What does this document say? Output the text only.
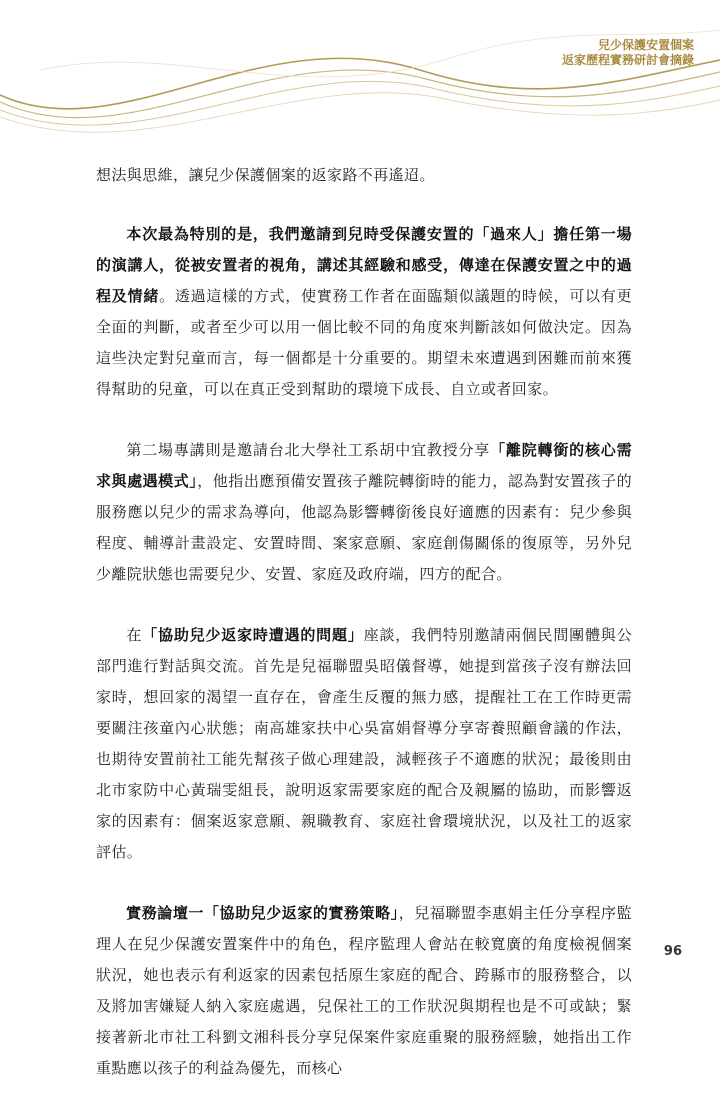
兒少保護安置個案
返家歷程實務研討會摘錄

想法與思維，讓兒少保護個案的返家路不再遙迢。

本次最為特別的是，我們邀請到兒時受保護安置的「過來人」擔任第一場的演講人，從被安置者的視角，講述其經驗和感受，傳達在保護安置之中的過程及情緒。透過這樣的方式，使實務工作者在面臨類似議題的時候，可以有更全面的判斷，或者至少可以用一個比較不同的角度來判斷該如何做決定。因為這些決定對兒童而言，每一個都是十分重要的。期望未來遭遇到困難而前來獲得幫助的兒童，可以在真正受到幫助的環境下成長、自立或者回家。

第二場專講則是邀請台北大學社工系胡中宜教授分享「離院轉銜的核心需求與處遇模式」，他指出應預備安置孩子離院轉銜時的能力，認為對安置孩子的服務應以兒少的需求為導向，他認為影響轉銜後良好適應的因素有：兒少參與程度、輔導計畫設定、安置時間、案家意願、家庭創傷關係的復原等，另外兒少離院狀態也需要兒少、安置、家庭及政府端，四方的配合。

在「協助兒少返家時遭遇的問題」座談，我們特別邀請兩個民間團體與公部門進行對話與交流。首先是兒福聯盟吳昭儀督導，她提到當孩子沒有辦法回家時，想回家的渴望一直存在，會產生反覆的無力感，提醒社工在工作時更需要關注孩童內心狀態；南高雄家扶中心吳富娟督導分享寄養照顧會議的作法，也期待安置前社工能先幫孩子做心理建設，減輕孩子不適應的狀況；最後則由北市家防中心黃瑞雯組長，說明返家需要家庭的配合及親屬的協助，而影響返家的因素有：個案返家意願、親職教育、家庭社會環境狀況，以及社工的返家評估。

實務論壇一「協助兒少返家的實務策略」，兒福聯盟李惠娟主任分享程序監理人在兒少保護安置案件中的角色，程序監理人會站在較寬廣的角度檢視個案狀況，她也表示有利返家的因素包括原生家庭的配合、跨縣市的服務整合，以及將加害嫌疑人納入家庭處遇，兒保社工的工作狀況與期程也是不可或缺；緊接著新北市社工科劉文湘科長分享兒保案件家庭重聚的服務經驗，她指出工作重點應以孩子的利益為優先，而核心

96
